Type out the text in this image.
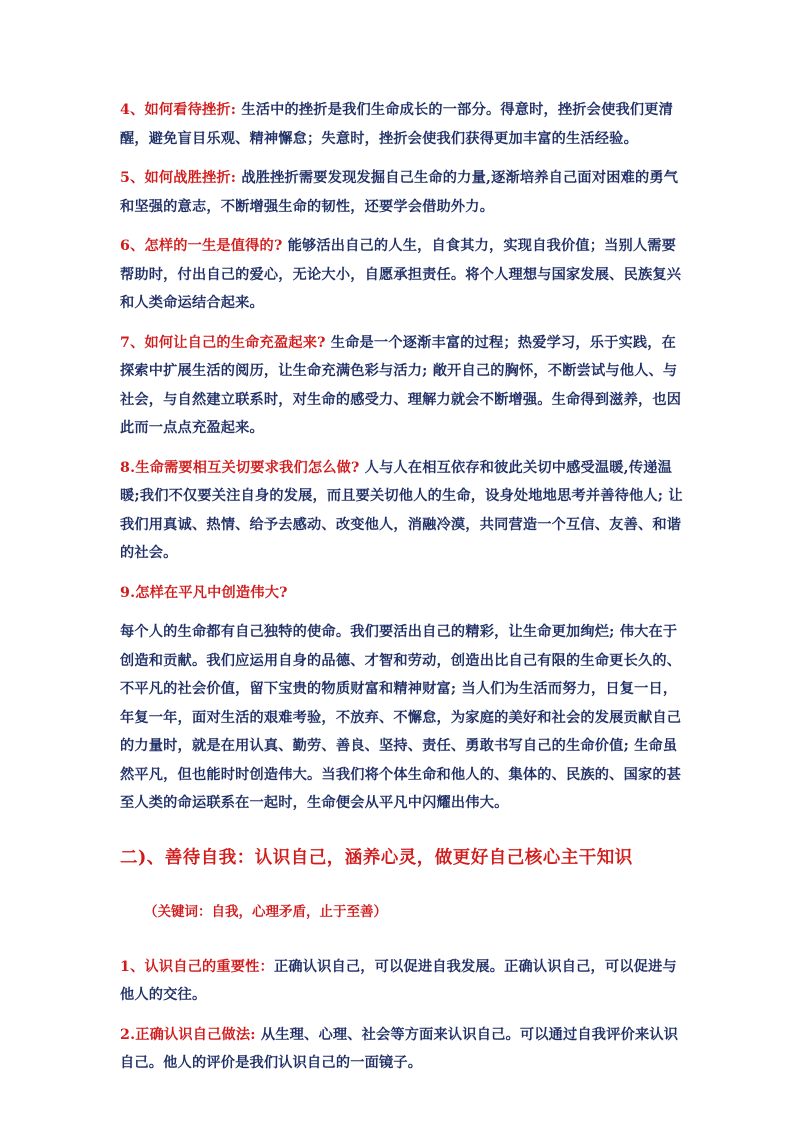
4、如何看待挫折: 生活中的挫折是我们生命成长的一部分。得意时，挫折会使我们更清醒，避免盲目乐观、精神懈怠；失意时，挫折会使我们获得更加丰富的生活经验。

5、如何战胜挫折: 战胜挫折需要发现发掘自己生命的力量,逐渐培养自己面对困难的勇气和坚强的意志，不断增强生命的韧性，还要学会借助外力。

6、怎样的一生是值得的? 能够活出自己的人生，自食其力，实现自我价值；当别人需要帮助时，付出自己的爱心，无论大小，自愿承担责任。将个人理想与国家发展、民族复兴和人类命运结合起来。

7、如何让自己的生命充盈起来? 生命是一个逐渐丰富的过程；热爱学习，乐于实践，在探索中扩展生活的阅历，让生命充满色彩与活力; 敞开自己的胸怀，不断尝试与他人、与社会，与自然建立联系时，对生命的感受力、理解力就会不断增强。生命得到滋养，也因此而一点点充盈起来。

8.生命需要相互关切要求我们怎么做? 人与人在相互依存和彼此关切中感受温暖,传递温暖;我们不仅要关注自身的发展，而且要关切他人的生命，设身处地地思考并善待他人; 让我们用真诚、热情、给予去感动、改变他人，消融冷漠，共同营造一个互信、友善、和谐的社会。

9.怎样在平凡中创造伟大?

每个人的生命都有自己独特的使命。我们要活出自己的精彩，让生命更加绚烂; 伟大在于创造和贡献。我们应运用自身的品德、才智和劳动，创造出比自己有限的生命更长久的、不平凡的社会价值，留下宝贵的物质财富和精神财富; 当人们为生活而努力，日复一日，年复一年，面对生活的艰难考验，不放弃、不懈怠，为家庭的美好和社会的发展贡献自己的力量时，就是在用认真、勤劳、善良、坚持、责任、勇敢书写自己的生命价值; 生命虽然平凡，但也能时时创造伟大。当我们将个体生命和他人的、集体的、民族的、国家的甚至人类的命运联系在一起时，生命便会从平凡中闪耀出伟大。

二)、善待自我：认识自己，涵养心灵，做更好自己核心主干知识

（关键词：自我，心理矛盾，止于至善）

1、认识自己的重要性：正确认识自己，可以促进自我发展。正确认识自己，可以促进与他人的交往。

2.正确认识自己做法: 从生理、心理、社会等方面来认识自己。可以通过自我评价来认识自己。他人的评价是我们认识自己的一面镜子。
